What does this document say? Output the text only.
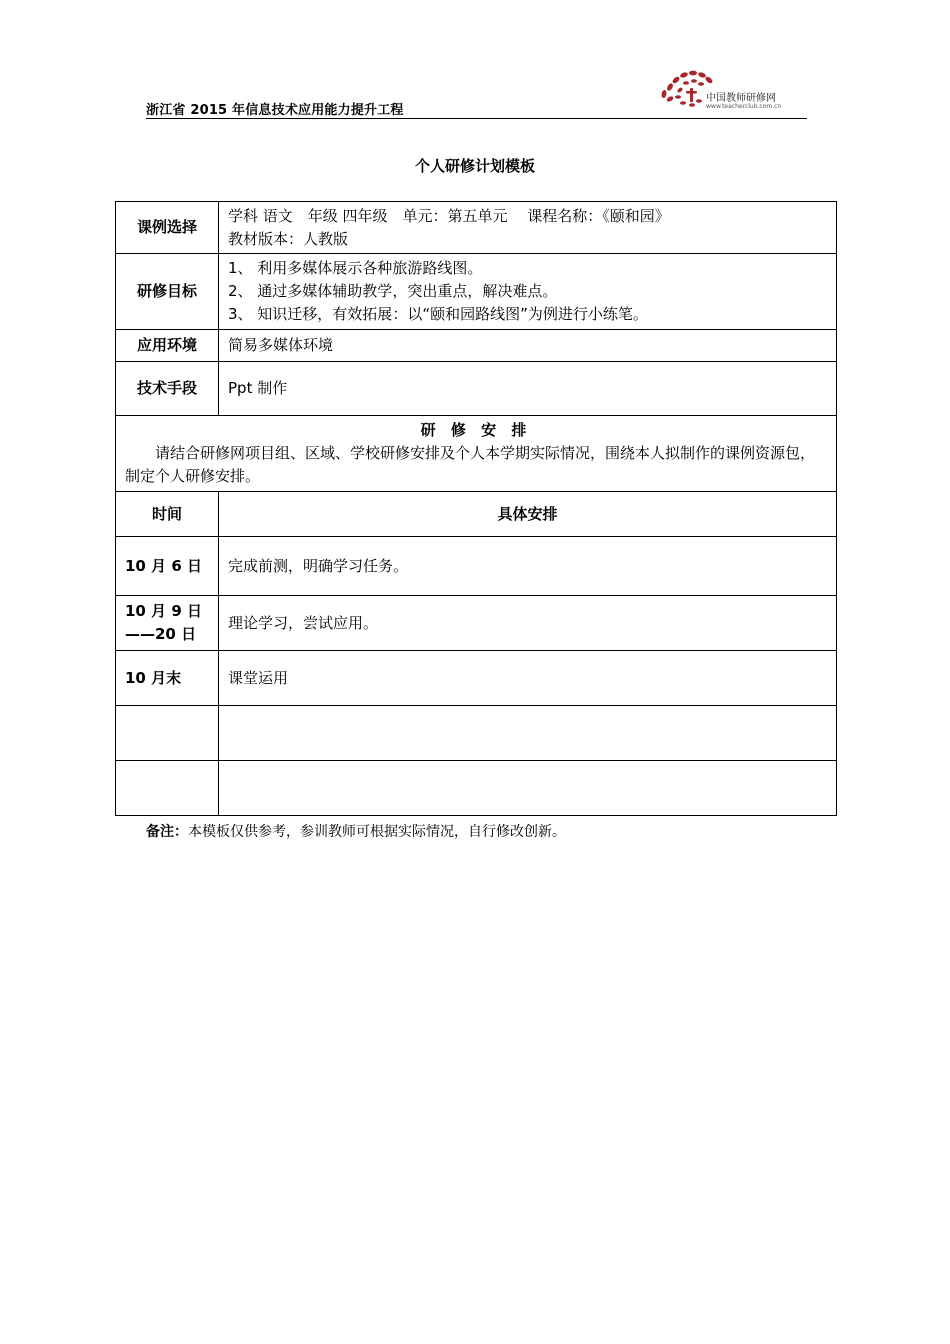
浙江省 2015 年信息技术应用能力提升工程
中国教师研修网
www.teacherclub.com.cn
个人研修计划模板
课例选择	学科 语文　年级 四年级　单元：第五单元　 课程名称：《颐和园》
教材版本：人教版

研修目标	1、 利用多媒体展示各种旅游路线图。
2、 通过多媒体辅助教学，突出重点，解决难点。
3、 知识迁移，有效拓展：以“颐和园路线图”为例进行小练笔。

应用环境	简易多媒体环境
技术手段	Ppt 制作

研 修 安 排
请结合研修网项目组、区域、学校研修安排及个人本学期实际情况，围绕本人拟制作的课例资源包，制定个人研修安排。	

时间	具体安排
10 月 6 日	完成前测，明确学习任务。

10 月 9 日
——20 日	理论学习，尝试应用。
10 月末	课堂运用

备注：本模板仅供参考，参训教师可根据实际情况，自行修改创新。
